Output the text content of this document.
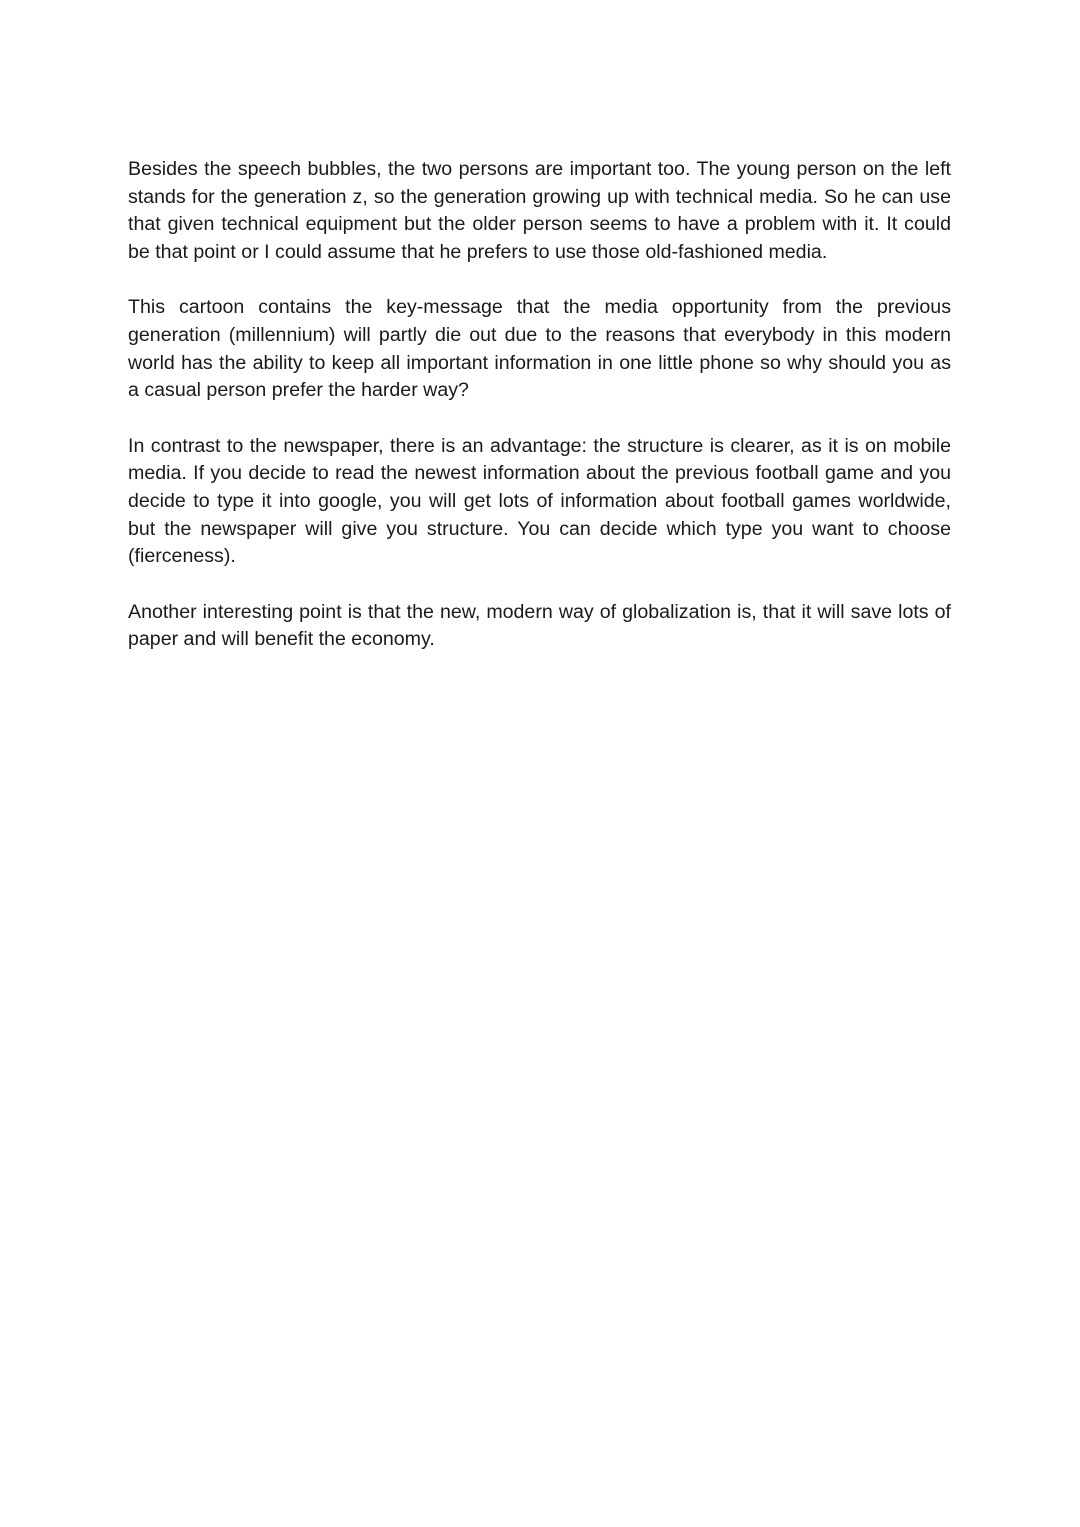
Besides the speech bubbles, the two persons are important too. The young person on the left stands for the generation z, so the generation growing up with technical media. So he can use that given technical equipment but the older person seems to have a problem with it. It could be that point or I could assume that he prefers to use those old-fashioned media.

This cartoon contains the key-message that the media opportunity from the previous generation (millennium) will partly die out due to the reasons that everybody in this modern world has the ability to keep all important information in one little phone so why should you as a casual person prefer the harder way?

In contrast to the newspaper, there is an advantage: the structure is clearer, as it is on mobile media. If you decide to read the newest information about the previous football game and you decide to type it into google, you will get lots of information about football games worldwide, but the newspaper will give you structure. You can decide which type you want to choose (fierceness).

Another interesting point is that the new, modern way of globalization is, that it will save lots of paper and will benefit the economy.
